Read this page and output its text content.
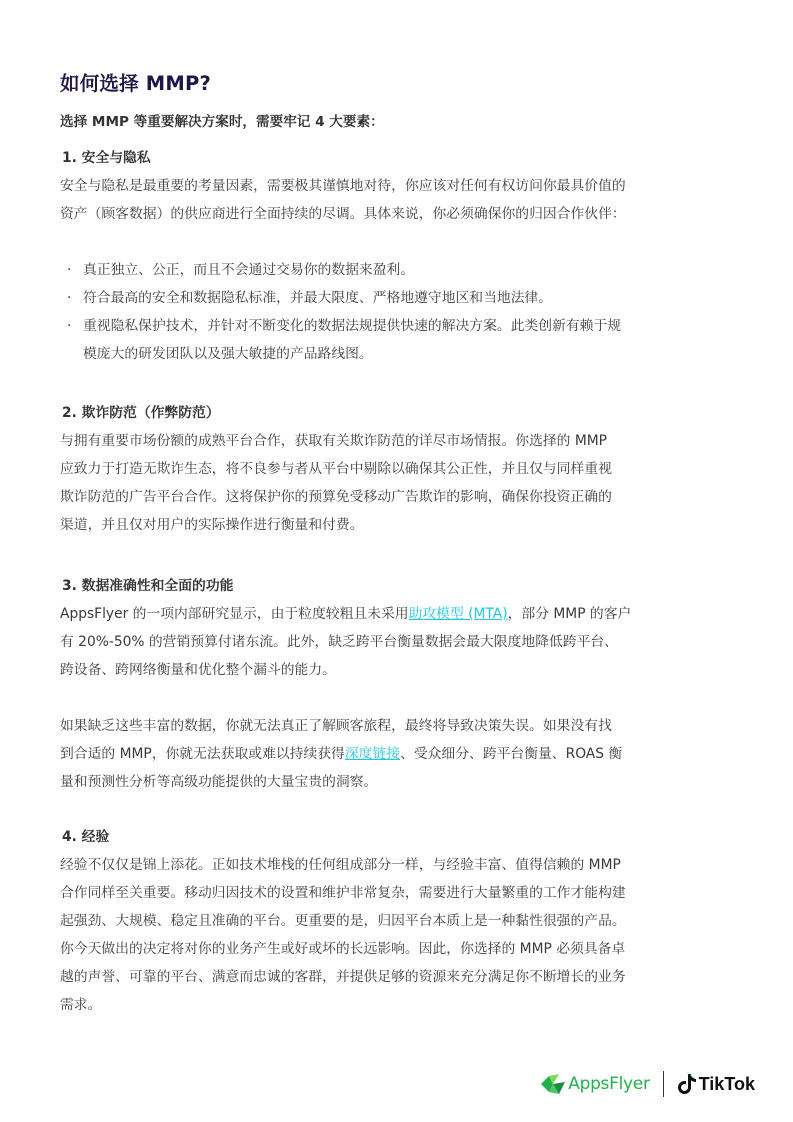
如何选择 MMP?
选择 MMP 等重要解决方案时，需要牢记 4 大要素：
1. 安全与隐私
安全与隐私是最重要的考量因素，需要极其谨慎地对待，你应该对任何有权访问你最具价值的
资产（顾客数据）的供应商进行全面持续的尽调。具体来说，你必须确保你的归因合作伙伴：
· 真正独立、公正，而且不会通过交易你的数据来盈利。
· 符合最高的安全和数据隐私标准，并最大限度、严格地遵守地区和当地法律。
· 重视隐私保护技术，并针对不断变化的数据法规提供快速的解决方案。此类创新有赖于规
模庞大的研发团队以及强大敏捷的产品路线图。
2. 欺诈防范（作弊防范）
与拥有重要市场份额的成熟平台合作，获取有关欺诈防范的详尽市场情报。你选择的 MMP
应致力于打造无欺诈生态，将不良参与者从平台中剔除以确保其公正性，并且仅与同样重视
欺诈防范的广告平台合作。这将保护你的预算免受移动广告欺诈的影响，确保你投资正确的
渠道，并且仅对用户的实际操作进行衡量和付费。
3. 数据准确性和全面的功能
AppsFlyer 的一项内部研究显示，由于粒度较粗且未采用助攻模型 (MTA)，部分 MMP 的客户
有 20%-50% 的营销预算付诸东流。此外，缺乏跨平台衡量数据会最大限度地降低跨平台、
跨设备、跨网络衡量和优化整个漏斗的能力。
如果缺乏这些丰富的数据，你就无法真正了解顾客旅程，最终将导致决策失误。如果没有找
到合适的 MMP，你就无法获取或难以持续获得深度链接、受众细分、跨平台衡量、ROAS 衡
量和预测性分析等高级功能提供的大量宝贵的洞察。
4. 经验
经验不仅仅是锦上添花。正如技术堆栈的任何组成部分一样，与经验丰富、值得信赖的 MMP
合作同样至关重要。移动归因技术的设置和维护非常复杂，需要进行大量繁重的工作才能构建
起强劲、大规模、稳定且准确的平台。更重要的是，归因平台本质上是一种黏性很强的产品。
你今天做出的决定将对你的业务产生或好或坏的长远影响。因此，你选择的 MMP 必须具备卓
越的声誉、可靠的平台、满意而忠诚的客群，并提供足够的资源来充分满足你不断增长的业务
需求。
AppsFlyer	TikTok
